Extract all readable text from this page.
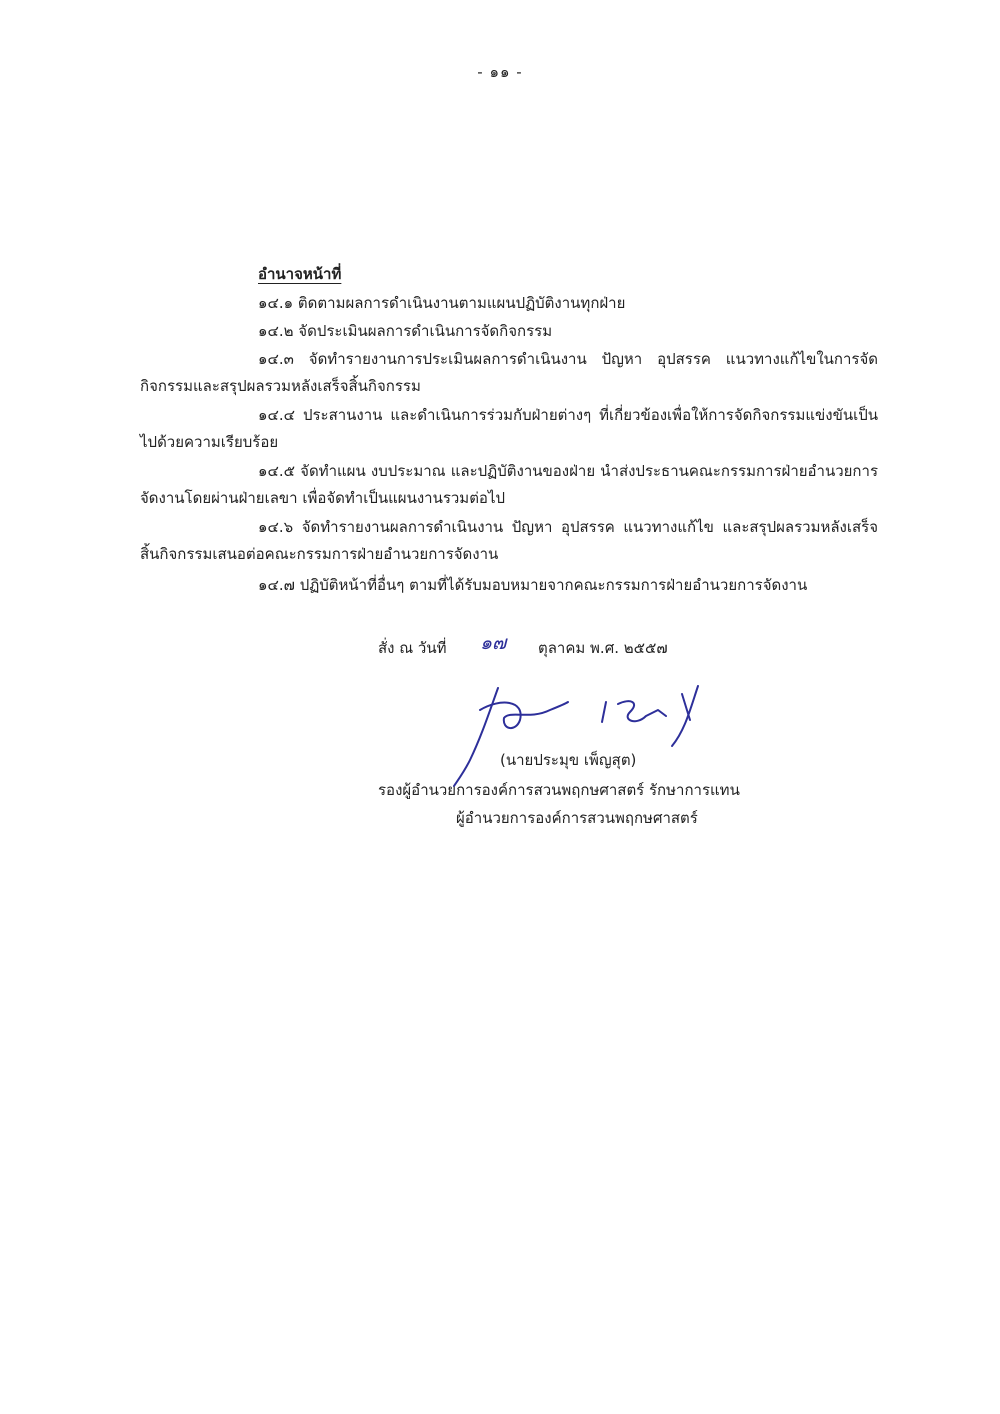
- ๑๑ -
อำนาจหน้าที่
๑๔.๑ ติดตามผลการดำเนินงานตามแผนปฏิบัติงานทุกฝ่าย
๑๔.๒ จัดประเมินผลการดำเนินการจัดกิจกรรม
๑๔.๓ จัดทำรายงานการประเมินผลการดำเนินงาน ปัญหา อุปสรรค แนวทางแก้ไขในการจัดกิจกรรมและสรุปผลรวมหลังเสร็จสิ้นกิจกรรม
๑๔.๔ ประสานงาน และดำเนินการร่วมกับฝ่ายต่างๆ ที่เกี่ยวข้องเพื่อให้การจัดกิจกรรมแข่งขันเป็นไปด้วยความเรียบร้อย
๑๔.๕ จัดทำแผน งบประมาณ และปฏิบัติงานของฝ่าย นำส่งประธานคณะกรรมการฝ่ายอำนวยการจัดงานโดยผ่านฝ่ายเลขา เพื่อจัดทำเป็นแผนงานรวมต่อไป
๑๔.๖ จัดทำรายงานผลการดำเนินงาน ปัญหา อุปสรรค แนวทางแก้ไข และสรุปผลรวมหลังเสร็จสิ้นกิจกรรมเสนอต่อคณะกรรมการฝ่ายอำนวยการจัดงาน
๑๔.๗ ปฏิบัติหน้าที่อื่นๆ ตามที่ได้รับมอบหมายจากคณะกรรมการฝ่ายอำนวยการจัดงาน
สั่ง ณ วันที่ ๑๗ ตุลาคม พ.ศ. ๒๕๕๗
(นายประมุข เพ็ญสุต)
รองผู้อำนวยการองค์การสวนพฤกษศาสตร์ รักษาการแทน
ผู้อำนวยการองค์การสวนพฤกษศาสตร์
